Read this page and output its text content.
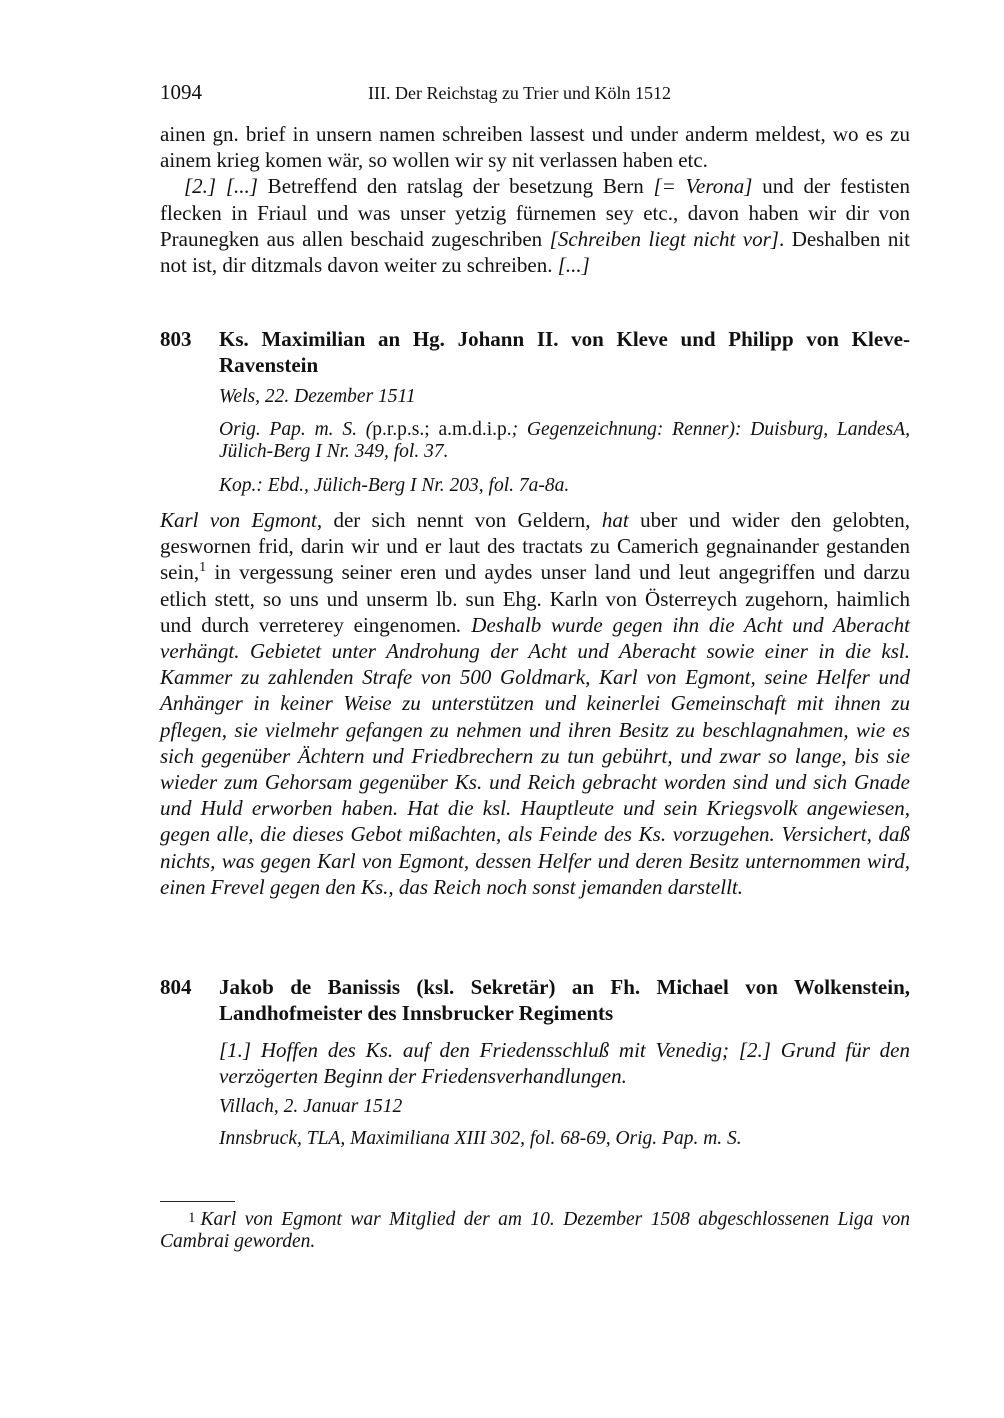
1094	III. Der Reichstag zu Trier und Köln 1512

ainen gn. brief in unsern namen schreiben lassest und under anderm meldest, wo es zu ainem krieg komen wär, so wollen wir sy nit verlassen haben etc.

[2.] [...] Betreffend den ratslag der besetzung Bern [= Verona] und der festisten flecken in Friaul und was unser yetzig fürnemen sey etc., davon haben wir dir von Praunegken aus allen beschaid zugeschriben [Schreiben liegt nicht vor]. Deshalben nit not ist, dir ditzmals davon weiter zu schreiben. [...]

803	Ks. Maximilian an Hg. Johann II. von Kleve und Philipp von Kleve-Ravenstein
Wels, 22. Dezember 1511
Orig. Pap. m. S. (p.r.p.s.; a.m.d.i.p.; Gegenzeichnung: Renner): Duisburg, LandesA, Jülich-Berg I Nr. 349, fol. 37.
Kop.: Ebd., Jülich-Berg I Nr. 203, fol. 7a-8a.

Karl von Egmont, der sich nennt von Geldern, hat uber und wider den gelobten, geswornen frid, darin wir und er laut des tractats zu Camerich gegnainander gestanden sein,$^1$ in vergessung seiner eren und aydes unser land und leut angegriffen und darzu etlich stett, so uns und unserm lb. sun Ehg. Karln von Österreych zugehorn, haimlich und durch verreterey eingenomen. Deshalb wurde gegen ihn die Acht und Aberacht verhängt. Gebietet unter Androhung der Acht und Aberacht sowie einer in die ksl. Kammer zu zahlenden Strafe von 500 Goldmark, Karl von Egmont, seine Helfer und Anhänger in keiner Weise zu unterstützen und keinerlei Gemeinschaft mit ihnen zu pflegen, sie vielmehr gefangen zu nehmen und ihren Besitz zu beschlagnahmen, wie es sich gegenüber Ächtern und Friedbrechern zu tun gebührt, und zwar so lange, bis sie wieder zum Gehorsam gegenüber Ks. und Reich gebracht worden sind und sich Gnade und Huld erworben haben. Hat die ksl. Hauptleute und sein Kriegsvolk angewiesen, gegen alle, die dieses Gebot mißachten, als Feinde des Ks. vorzugehen. Versichert, daß nichts, was gegen Karl von Egmont, dessen Helfer und deren Besitz unternommen wird, einen Frevel gegen den Ks., das Reich noch sonst jemanden darstellt.

804	Jakob de Banissis (ksl. Sekretär) an Fh. Michael von Wolkenstein, Landhofmeister des Innsbrucker Regiments
[1.] Hoffen des Ks. auf den Friedensschluß mit Venedig; [2.] Grund für den verzögerten Beginn der Friedensverhandlungen.
Villach, 2. Januar 1512
Innsbruck, TLA, Maximiliana XIII 302, fol. 68-69, Orig. Pap. m. S.
1 Karl von Egmont war Mitglied der am 10. Dezember 1508 abgeschlossenen Liga von Cambrai geworden.
